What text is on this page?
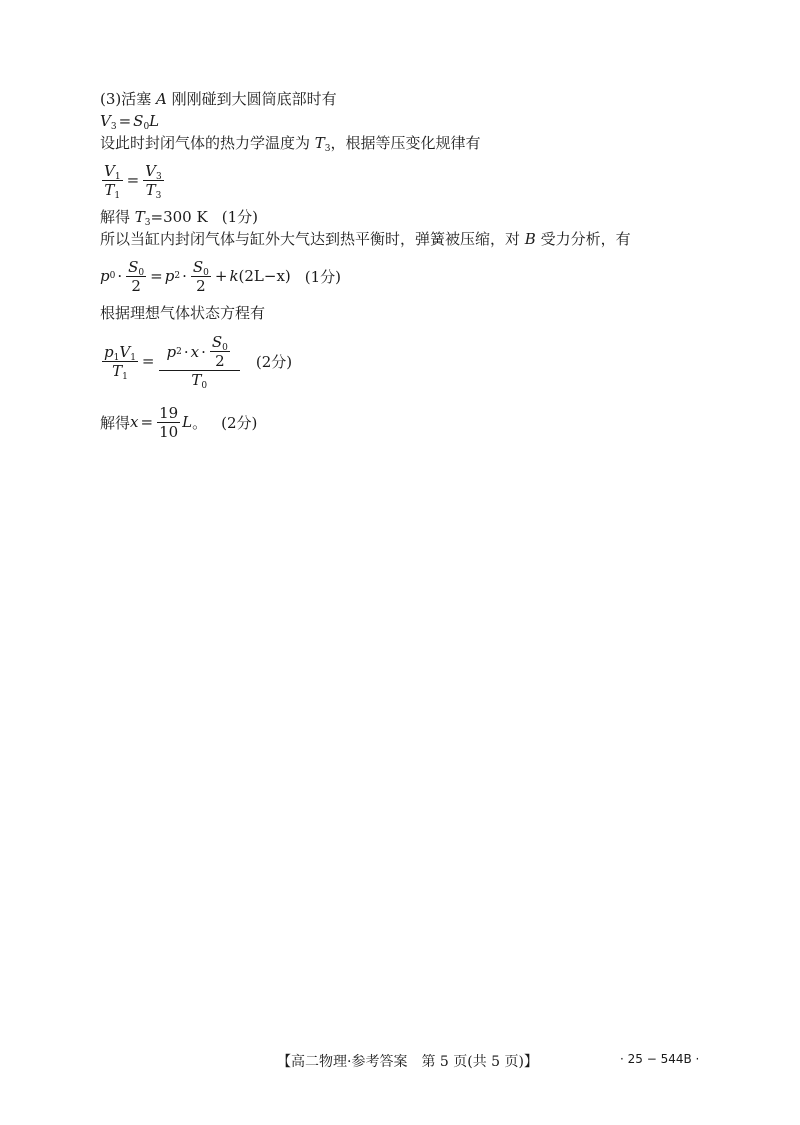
(3)活塞 A 刚刚碰到大圆筒底部时有
$V_3 = S_0L$
设此时封闭气体的热力学温度为 $T_3$，根据等压变化规律有
$\frac{V_1}{T_1} = \frac{V_3}{T_3}$
解得 $T_3=300$ K (1分)
所以当缸内封闭气体与缸外大气达到热平衡时，弹簧被压缩，对 B 受力分析，有
p $0 \cdot \frac{S_0}{2} = p$ $2 \cdot \frac{S_0}{2} + k$ (2L−x) (1分)
根据理想气体状态方程有
$\frac{p_1V_1}{T_1} = \frac{p 2 \cdot x \cdot \frac{S_0}{2}}{T_0} (2$分)
解得 $x = \frac{19}{10}$ L 。 (2分)
【高二物理·参考答案　第 5 页(共 5 页)】	· 25 − 544B ·
